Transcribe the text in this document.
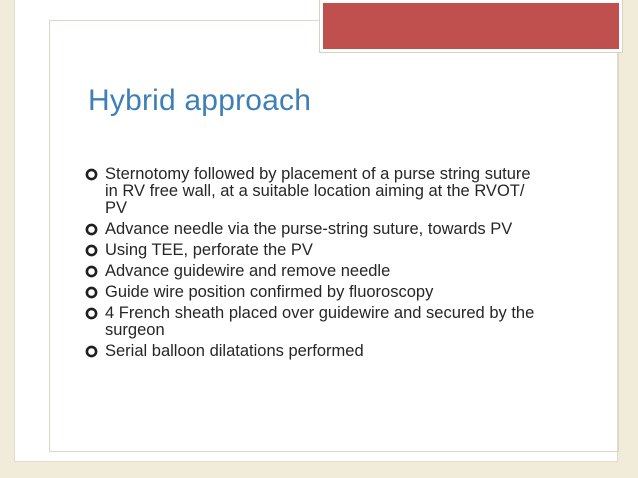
Hybrid approach
Sternotomy followed by placement of a purse string suture in RV free wall, at a suitable location aiming at the RVOT/ PV
Advance needle via the purse-string suture, towards PV
Using TEE, perforate the PV
Advance guidewire and remove needle
Guide wire position confirmed by fluoroscopy
4 French sheath placed over guidewire and secured by the surgeon
Serial balloon dilatations performed
